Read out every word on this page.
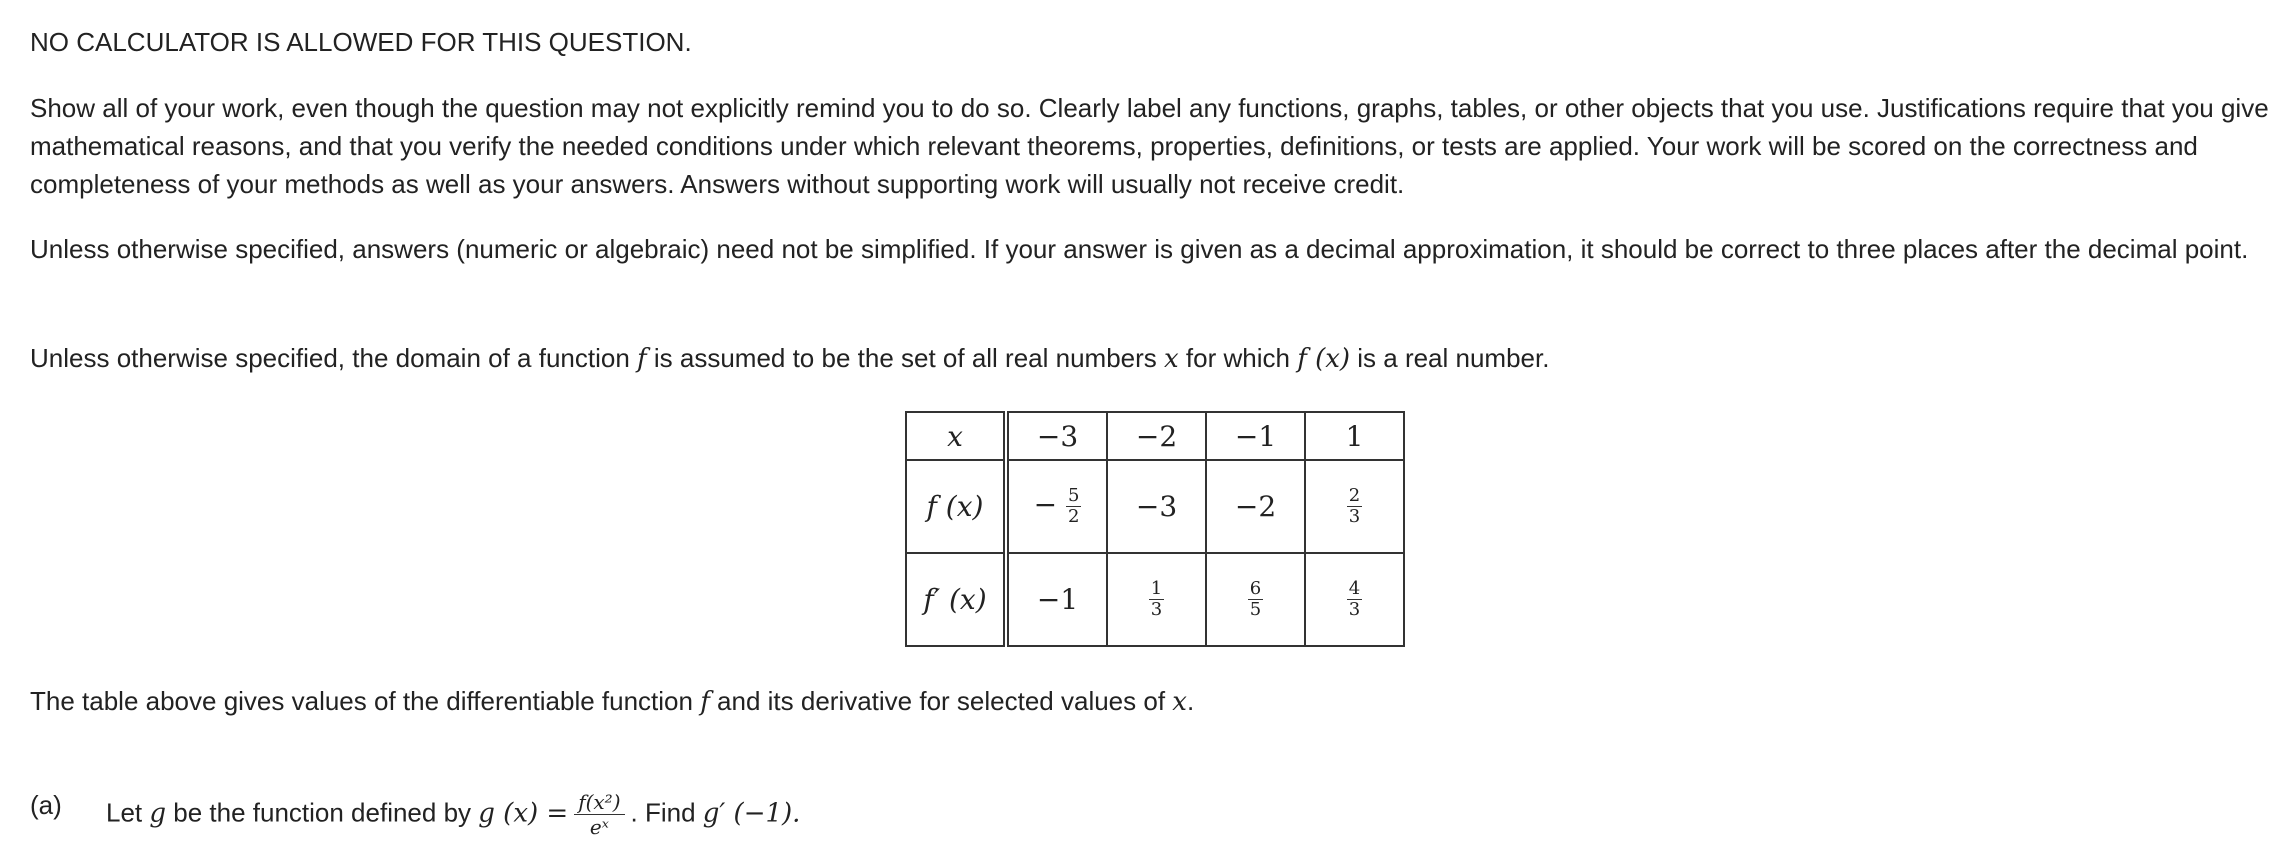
NO CALCULATOR IS ALLOWED FOR THIS QUESTION.
Show all of your work, even though the question may not explicitly remind you to do so. Clearly label any functions, graphs, tables, or other objects that you use. Justifications require that you give mathematical reasons, and that you verify the needed conditions under which relevant theorems, properties, definitions, or tests are applied. Your work will be scored on the correctness and completeness of your methods as well as your answers. Answers without supporting work will usually not receive credit.
Unless otherwise specified, answers (numeric or algebraic) need not be simplified. If your answer is given as a decimal approximation, it should be correct to three places after the decimal point.
Unless otherwise specified, the domain of a function f is assumed to be the set of all real numbers x for which f (x) is a real number.
x	−3	−2	−1	1
f (x)	− $\frac{5}{2}$	−3	−2	$\frac{2}{3}$

f′ (x)	−1	$\frac{1}{3}$	$\frac{6}{5}$	$\frac{4}{3}$
The table above gives values of the differentiable function f and its derivative for selected values of x.
(a) Let g be the function defined by g $(x) = \frac{\text{f(x²)}}{\text{eˣ}}$ . Find g′ (−1).
